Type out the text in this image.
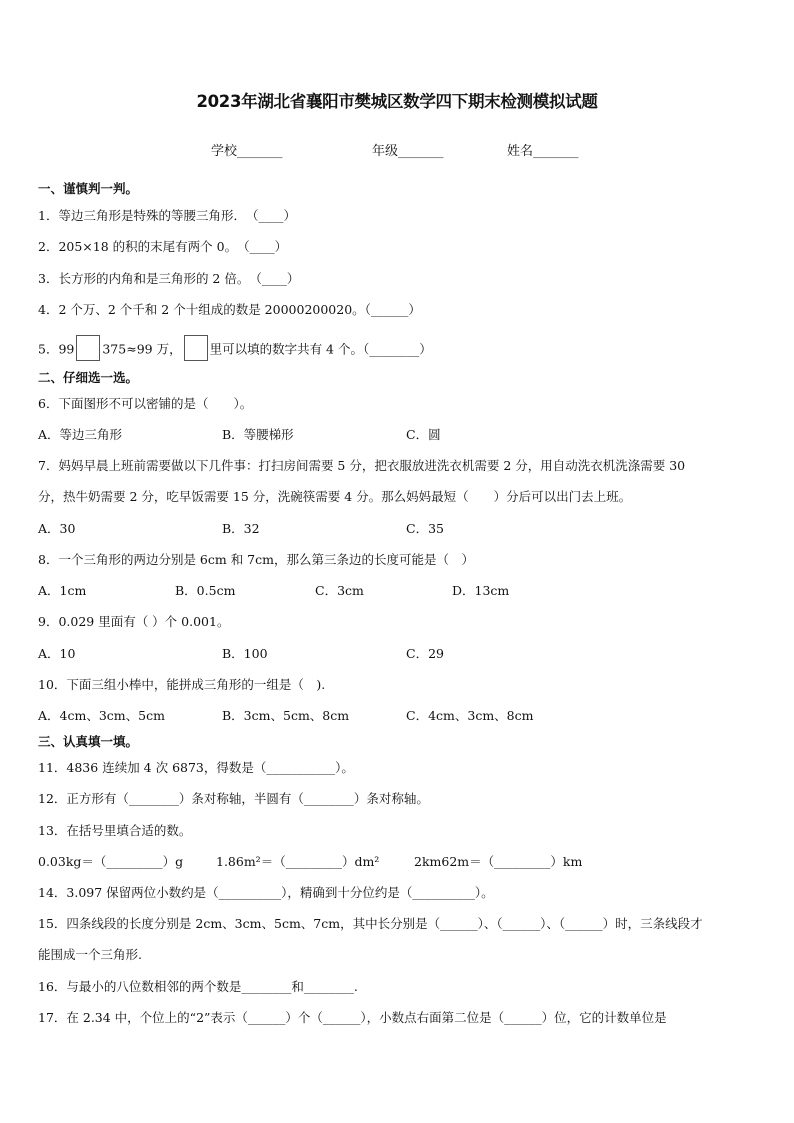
2023年湖北省襄阳市樊城区数学四下期末检测模拟试题
学校_______	年级_______	姓名_______
一、谨慎判一判。
1．等边三角形是特殊的等腰三角形．　（____）
2．205×18 的积的末尾有两个 0。　（____）
3．长方形的内角和是三角形的 2 倍。　（____）
4．2 个万、2 个千和 2 个十组成的数是 20000200020。（______）
5．99 375≈99 万， 里可以填的数字共有 4 个。（________）
二、仔细选一选。
6．下面图形不可以密铺的是（　　）。
A．等边三角形	B．等腰梯形	C．圆
7．妈妈早晨上班前需要做以下几件事：打扫房间需要 5 分，把衣服放进洗衣机需要 2 分，用自动洗衣机洗涤需要 30
分，热牛奶需要 2 分，吃早饭需要 15 分，洗碗筷需要 4 分。那么妈妈最短（　　）分后可以出门去上班。
A．30	B．32	C．35
8．一个三角形的两边分别是 6cm 和 7cm，那么第三条边的长度可能是（　）
A．1cm	B．0.5cm	C．3cm	D．13cm
9．0.029 里面有（ ）个 0.001。
A．10	B．100	C．29
10．下面三组小棒中，能拼成三角形的一组是（　).
A．4cm、3cm、5cm	B．3cm、5cm、8cm	C．4cm、3cm、8cm
三、认真填一填。
11．4836 连续加 4 次 6873，得数是（___________）。
12．正方形有（________）条对称轴，半圆有（________）条对称轴。
13．在括号里填合适的数。
0.03kg＝（_________）g	1.86m²＝（_________）dm²	2km62m＝（_________）km
14．3.097 保留两位小数约是（__________），精确到十分位约是（__________）。
15．四条线段的长度分别是 2cm、3cm、5cm、7cm，其中长分别是（______）、（______）、（______）时，三条线段才
能围成一个三角形.
16．与最小的八位数相邻的两个数是________和________.
17．在 2.34 中，个位上的“2”表示（______）个（______），小数点右面第二位是（______）位，它的计数单位是
